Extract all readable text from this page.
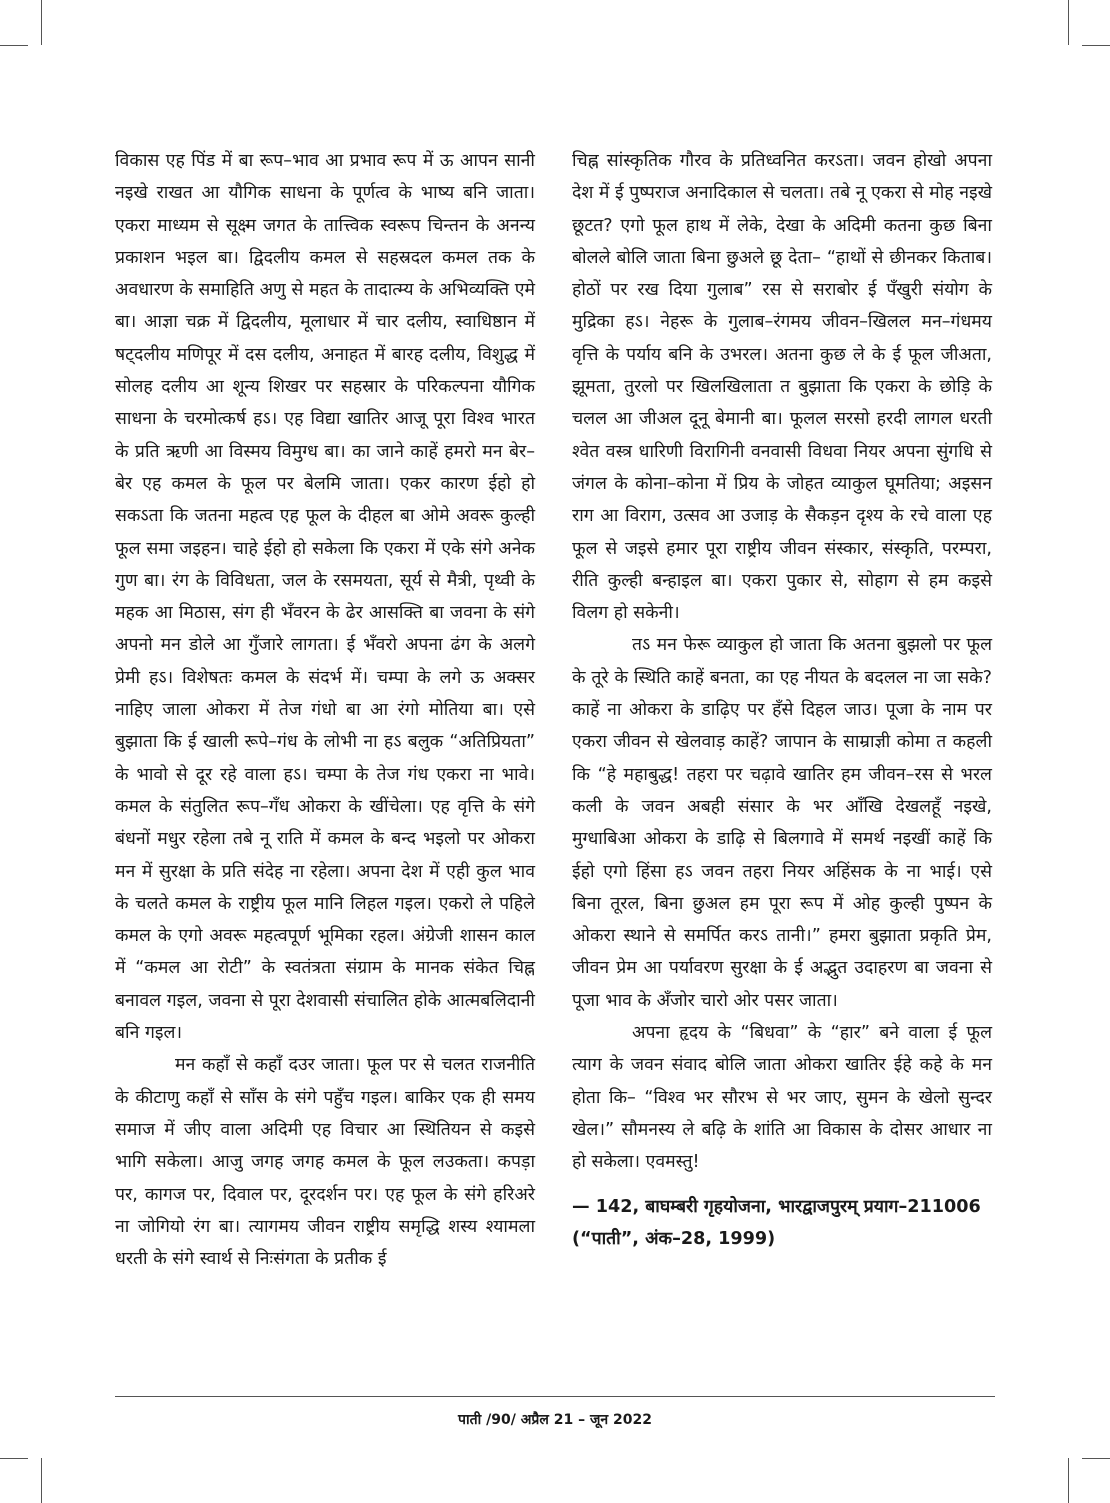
विकास एह पिंड में बा रूप–भाव आ प्रभाव रूप में ऊ आपन सानी नइखे राखत आ यौगिक साधना के पूर्णत्व के भाष्य बनि जाता। एकरा माध्यम से सूक्ष्म जगत के तात्त्विक स्वरूप चिन्तन के अनन्य प्रकाशन भइल बा। द्विदलीय कमल से सहस्रदल कमल तक के अवधारण के समाहिति अणु से महत के तादात्म्य के अभिव्यक्ति एमे बा। आज्ञा चक्र में द्विदलीय, मूलाधार में चार दलीय, स्वाधिष्ठान में षट्दलीय मणिपूर में दस दलीय, अनाहत में बारह दलीय, विशुद्ध में सोलह दलीय आ शून्य शिखर पर सहस्रार के परिकल्पना यौगिक साधना के चरमोत्कर्ष हऽ। एह विद्या खातिर आजू पूरा विश्व भारत के प्रति ऋणी आ विस्मय विमुग्ध बा। का जाने काहें हमरो मन बेर–बेर एह कमल के फूल पर बेलमि जाता। एकर कारण ईहो हो सकऽता कि जतना महत्व एह फूल के दीहल बा ओमे अवरू कुल्ही फूल समा जइहन। चाहे ईहो हो सकेला कि एकरा में एके संगे अनेक गुण बा। रंग के विविधता, जल के रसमयता, सूर्य से मैत्री, पृथ्वी के महक आ मिठास, संग ही भँवरन के ढेर आसक्ति बा जवना के संगे अपनो मन डोले आ गुँजारे लागता। ई भँवरो अपना ढंग के अलगे प्रेमी हऽ। विशेषतः कमल के संदर्भ में। चम्पा के लगे ऊ अक्सर नाहिए जाला ओकरा में तेज गंधो बा आ रंगो मोतिया बा। एसे बुझाता कि ई खाली रूपे–गंध के लोभी ना हऽ बलुक “अतिप्रियता” के भावो से दूर रहे वाला हऽ। चम्पा के तेज गंध एकरा ना भावे। कमल के संतुलित रूप–गँध ओकरा के खींचेला। एह वृत्ति के संगे बंधनों मधुर रहेला तबे नू राति में कमल के बन्द भइलो पर ओकरा मन में सुरक्षा के प्रति संदेह ना रहेला। अपना देश में एही कुल भाव के चलते कमल के राष्ट्रीय फूल मानि लिहल गइल। एकरो ले पहिले कमल के एगो अवरू महत्वपूर्ण भूमिका रहल। अंग्रेजी शासन काल में “कमल आ रोटी” के स्वतंत्रता संग्राम के मानक संकेत चिह्न बनावल गइल, जवना से पूरा देशवासी संचालित होके आत्मबलिदानी बनि गइल।

मन कहाँ से कहाँ दउर जाता। फूल पर से चलत राजनीति के कीटाणु कहाँ से साँस के संगे पहुँच गइल। बाकिर एक ही समय समाज में जीए वाला अदिमी एह विचार आ स्थितियन से कइसे भागि सकेला। आजु जगह जगह कमल के फूल लउकता। कपड़ा पर, कागज पर, दिवाल पर, दूरदर्शन पर। एह फूल के संगे हरिअरे ना जोगियो रंग बा। त्यागमय जीवन राष्ट्रीय समृद्धि शस्य श्यामला धरती के संगे स्वार्थ से निःसंगता के प्रतीक ई

चिह्न सांस्कृतिक गौरव के प्रतिध्वनित करऽता। जवन होखो अपना देश में ई पुष्पराज अनादिकाल से चलता। तबे नू एकरा से मोह नइखे छूटत? एगो फूल हाथ में लेके, देखा के अदिमी कतना कुछ बिना बोलले बोलि जाता बिना छुअले छू देता– “हाथों से छीनकर किताब। होठों पर रख दिया गुलाब” रस से सराबोर ई पँखुरी संयोग के मुद्रिका हऽ। नेहरू के गुलाब–रंगमय जीवन–खिलल मन–गंधमय वृत्ति के पर्याय बनि के उभरल। अतना कुछ ले के ई फूल जीअता, झूमता, तुरलो पर खिलखिलाता त बुझाता कि एकरा के छोड़ि के चलल आ जीअल दूनू बेमानी बा। फूलल सरसो हरदी लागल धरती श्वेत वस्त्र धारिणी विरागिनी वनवासी विधवा नियर अपना सुंगधि से जंगल के कोना–कोना में प्रिय के जोहत व्याकुल घूमतिया; अइसन राग आ विराग, उत्सव आ उजाड़ के सैकड़न दृश्य के रचे वाला एह फूल से जइसे हमार पूरा राष्ट्रीय जीवन संस्कार, संस्कृति, परम्परा, रीति कुल्ही बन्हाइल बा। एकरा पुकार से, सोहाग से हम कइसे विलग हो सकेनी।

तऽ मन फेरू व्याकुल हो जाता कि अतना बुझलो पर फूल के तूरे के स्थिति काहें बनता, का एह नीयत के बदलल ना जा सके? काहें ना ओकरा के डाढ़िए पर हँसे दिहल जाउ। पूजा के नाम पर एकरा जीवन से खेलवाड़ काहें? जापान के साम्राज्ञी कोमा त कहली कि “हे महाबुद्ध! तहरा पर चढ़ावे खातिर हम जीवन–रस से भरल कली के जवन अबही संसार के भर आँखि देखलहूँ नइखे, मुग्धाबिआ ओकरा के डाढ़ि से बिलगावे में समर्थ नइखीं काहें कि ईहो एगो हिंसा हऽ जवन तहरा नियर अहिंसक के ना भाई। एसे बिना तूरल, बिना छुअल हम पूरा रूप में ओह कुल्ही पुष्पन के ओकरा स्थाने से समर्पित करऽ तानी।” हमरा बुझाता प्रकृति प्रेम, जीवन प्रेम आ पर्यावरण सुरक्षा के ई अद्भुत उदाहरण बा जवना से पूजा भाव के अँजोर चारो ओर पसर जाता।

अपना हृदय के “बिधवा” के “हार” बने वाला ई फूल त्याग के जवन संवाद बोलि जाता ओकरा खातिर ईहे कहे के मन होता कि– “विश्व भर सौरभ से भर जाए, सुमन के खेलो सुन्दर खेल।” सौमनस्य ले बढ़ि के शांति आ विकास के दोसर आधार ना हो सकेला। एवमस्तु!

— 142, बाघम्बरी गृहयोजना, भारद्वाजपुरम् प्रयाग–211006 (“पाती”, अंक–28, 1999)

पाती /90/ अप्रैल 21 – जून 2022
